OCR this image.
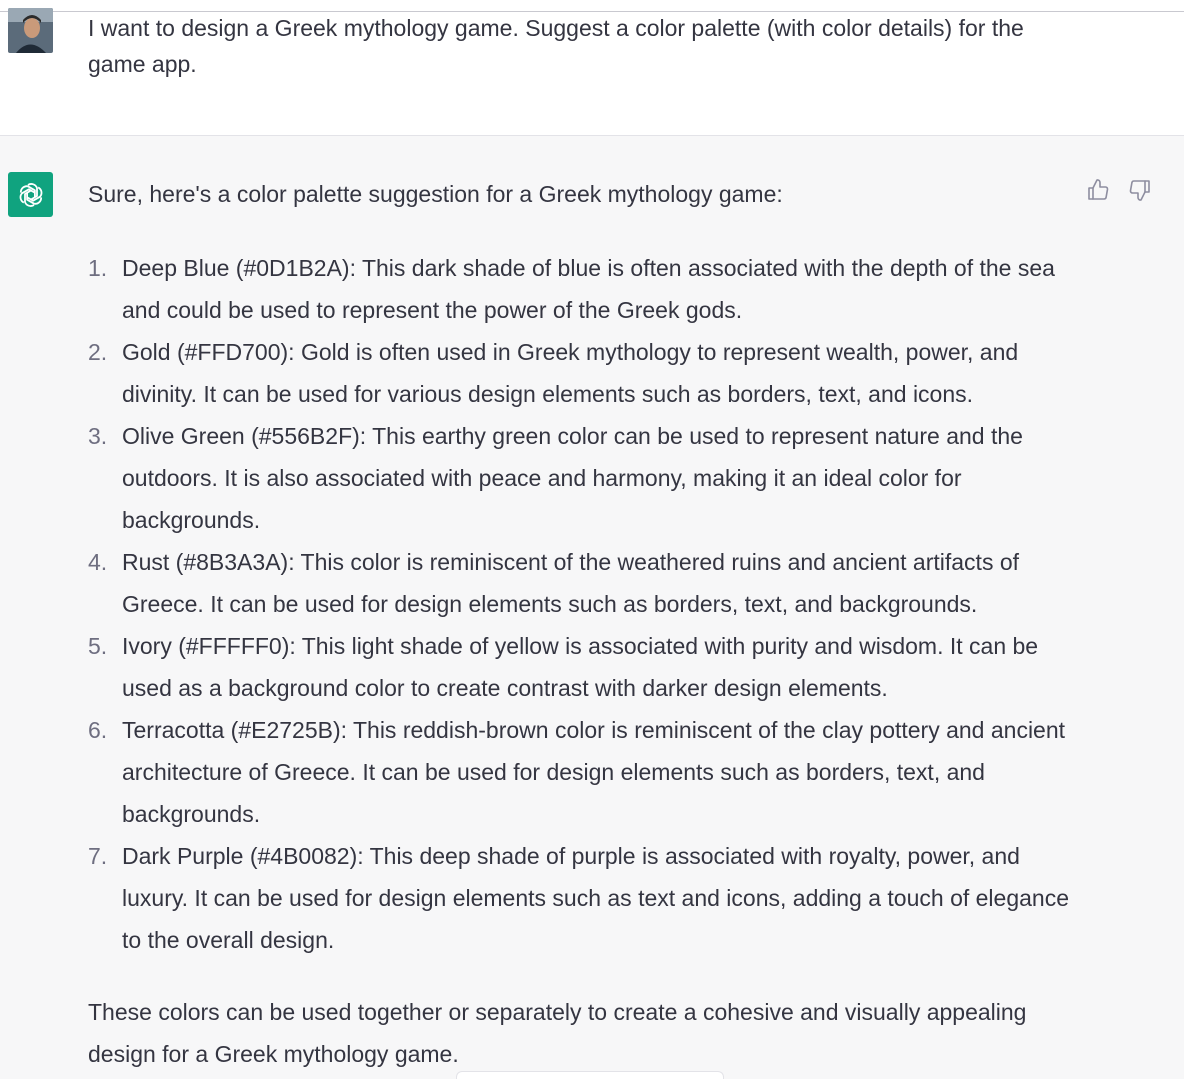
I want to design a Greek mythology game. Suggest a color palette (with color details) for the game app.
Sure, here's a color palette suggestion for a Greek mythology game:
1. Deep Blue (#0D1B2A): This dark shade of blue is often associated with the depth of the sea and could be used to represent the power of the Greek gods.
2. Gold (#FFD700): Gold is often used in Greek mythology to represent wealth, power, and divinity. It can be used for various design elements such as borders, text, and icons.
3. Olive Green (#556B2F): This earthy green color can be used to represent nature and the outdoors. It is also associated with peace and harmony, making it an ideal color for backgrounds.
4. Rust (#8B3A3A): This color is reminiscent of the weathered ruins and ancient artifacts of Greece. It can be used for design elements such as borders, text, and backgrounds.
5. Ivory (#FFFFF0): This light shade of yellow is associated with purity and wisdom. It can be used as a background color to create contrast with darker design elements.
6. Terracotta (#E2725B): This reddish-brown color is reminiscent of the clay pottery and ancient architecture of Greece. It can be used for design elements such as borders, text, and backgrounds.
7. Dark Purple (#4B0082): This deep shade of purple is associated with royalty, power, and luxury. It can be used for design elements such as text and icons, adding a touch of elegance to the overall design.
These colors can be used together or separately to create a cohesive and visually appealing design for a Greek mythology game.
